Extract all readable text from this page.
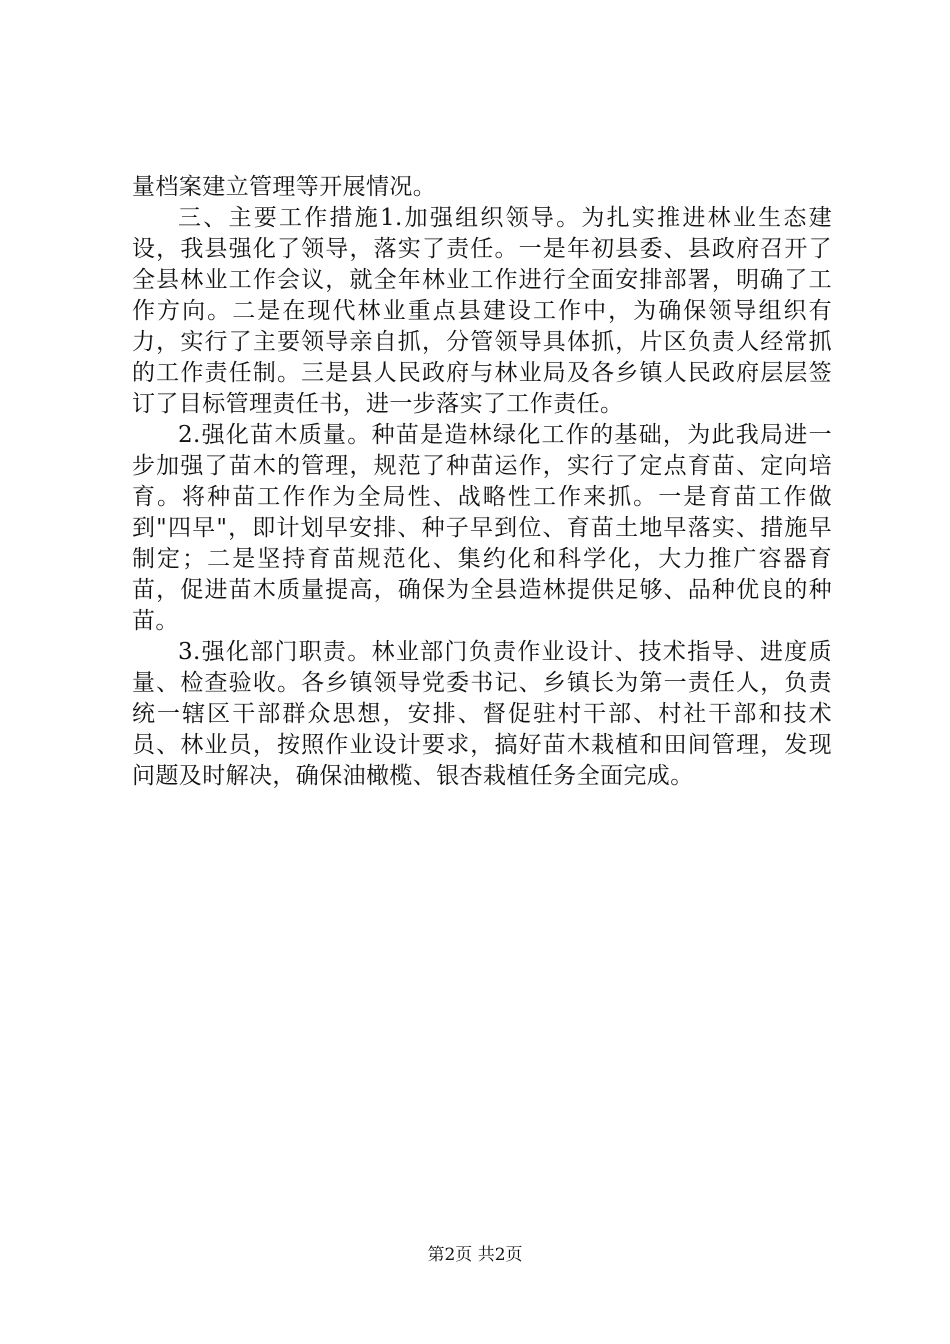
量档案建立管理等开展情况。

三、主要工作措施1.加强组织领导。为扎实推进林业生态建设，我县强化了领导，落实了责任。一是年初县委、县政府召开了全县林业工作会议，就全年林业工作进行全面安排部署，明确了工作方向。二是在现代林业重点县建设工作中，为确保领导组织有力，实行了主要领导亲自抓，分管领导具体抓，片区负责人经常抓的工作责任制。三是县人民政府与林业局及各乡镇人民政府层层签订了目标管理责任书，进一步落实了工作责任。

2.强化苗木质量。种苗是造林绿化工作的基础，为此我局进一步加强了苗木的管理，规范了种苗运作，实行了定点育苗、定向培育。将种苗工作作为全局性、战略性工作来抓。一是育苗工作做到"四早"，即计划早安排、种子早到位、育苗土地早落实、措施早制定；二是坚持育苗规范化、集约化和科学化，大力推广容器育苗，促进苗木质量提高，确保为全县造林提供足够、品种优良的种苗。

3.强化部门职责。林业部门负责作业设计、技术指导、进度质量、检查验收。各乡镇领导党委书记、乡镇长为第一责任人，负责统一辖区干部群众思想，安排、督促驻村干部、村社干部和技术员、林业员，按照作业设计要求，搞好苗木栽植和田间管理，发现问题及时解决，确保油橄榄、银杏栽植任务全面完成。

第2页 共2页
